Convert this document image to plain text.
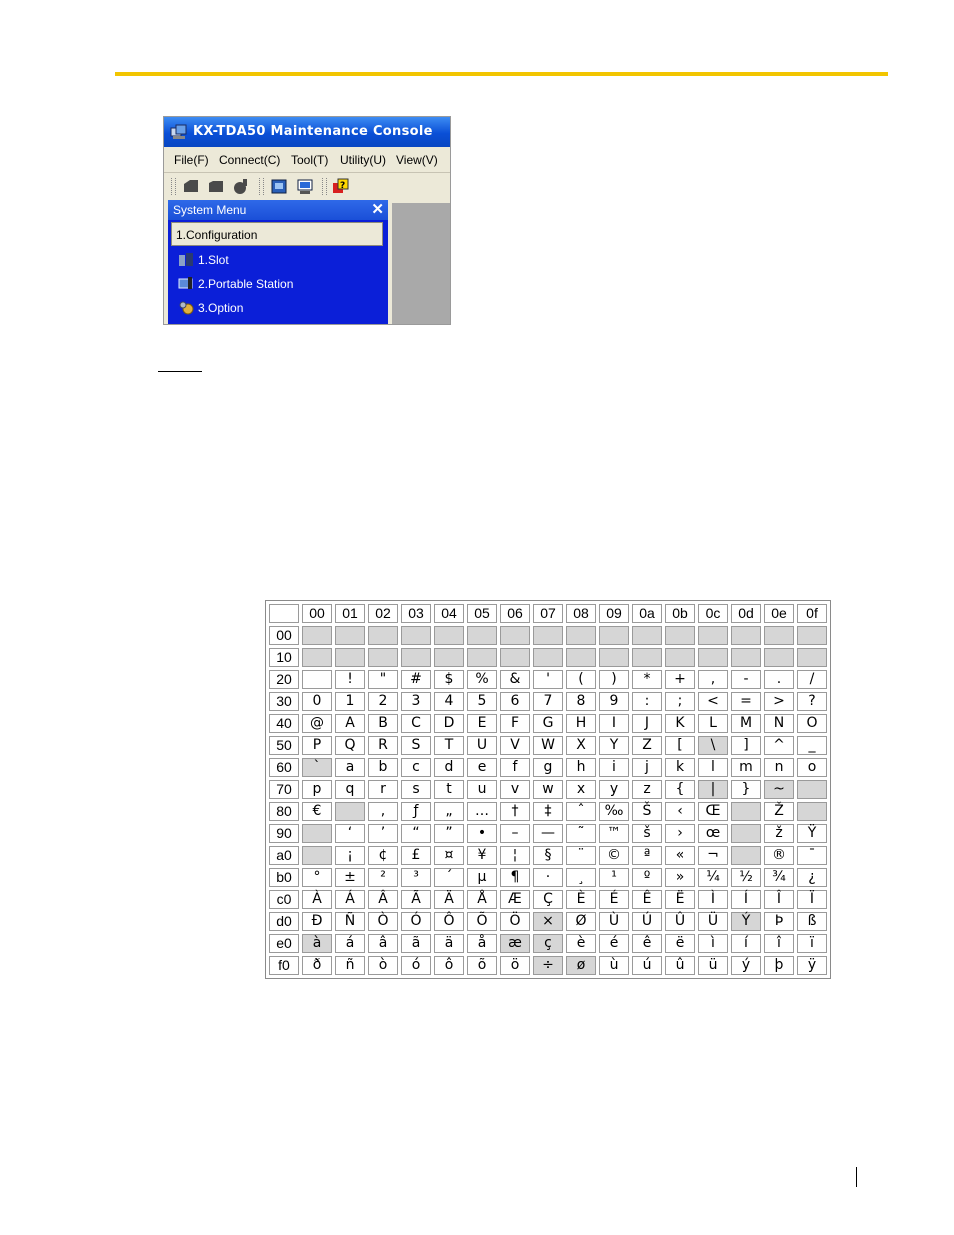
KX-TDA50 Maintenance Console
File(F) Connect(C) Tool(T) Utility(U) View(V)
?
System Menu	✕
1.Configuration
1.Slot
2.Portable Station
3.Option
	00	01	02	03	04	05	06	07	08	09	0a	0b	0c	0d	0e	0f
00																
10																
20		!	"	#	$	%	&	'	(	)	*	+	,	-	.	/
30	0	1	2	3	4	5	6	7	8	9	:	;	<	=	>	?
40	@	A	B	C	D	E	F	G	H	I	J	K	L	M	N	O
50	P	Q	R	S	T	U	V	W	X	Y	Z	[	\	]	^	_
60	`	a	b	c	d	e	f	g	h	i	j	k	l	m	n	o
70	p	q	r	s	t	u	v	w	x	y	z	{	|	}	~	
80	€		,	ƒ	„	…	†	‡	ˆ	‰	Š	‹	Œ		Ž	
90		‘	’	“	”	•	–	—	˜	™	š	›	œ		ž	Ÿ
a0		¡	¢	£	¤	¥	¦	§	¨	©	ª	«	¬		®	¯
b0	°	±	²	³	´	µ	¶	·	¸	¹	º	»	¼	½	¾	¿
c0	À	Á	Â	Ã	Ä	Å	Æ	Ç	È	É	Ê	Ë	Ì	Í	Î	Ï
d0	Ð	Ñ	Ò	Ó	Ô	Õ	Ö	×	Ø	Ù	Ú	Û	Ü	Ý	Þ	ß
e0	à	á	â	ã	ä	å	æ	ç	è	é	ê	ë	ì	í	î	ï
f0	ð	ñ	ò	ó	ô	õ	ö	÷	ø	ù	ú	û	ü	ý	þ	ÿ
